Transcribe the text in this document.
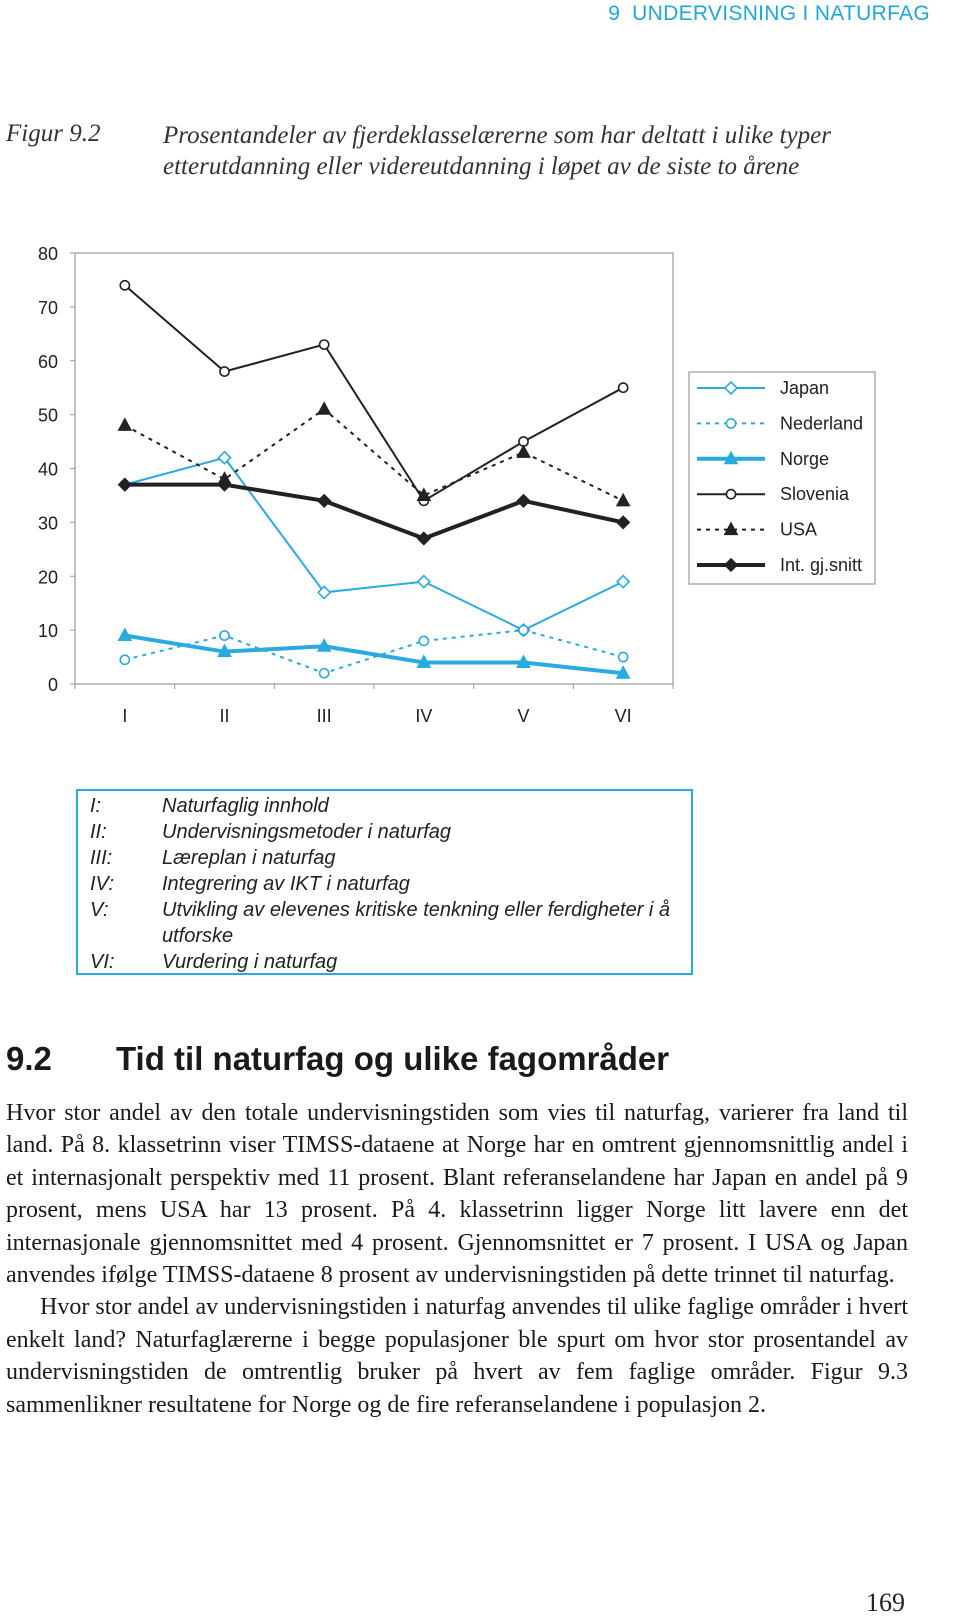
9 UNDERVISNING I NATURFAG
Figur 9.2	Prosentandeler av fjerdeklasselærerne som har deltatt i ulike typer etterutdanning eller videreutdanning i løpet av de siste to årene
0
10
20
30
40
50
60
70
80
I	II	III	IV	V	VI
Japan
Nederland
Norge
Slovenia
USA
Int. gj.snitt
I:	Naturfaglig innhold
II:	Undervisningsmetoder i naturfag
III:	Læreplan i naturfag
IV:	Integrering av IKT i naturfag
V:	Utvikling av elevenes kritiske tenkning eller ferdigheter i å utforske
VI:	Vurdering i naturfag
9.2 Tid til naturfag og ulike fagområder

Hvor stor andel av den totale undervisningstiden som vies til naturfag, varierer fra land til land. På 8. klassetrinn viser TIMSS-dataene at Norge har en omtrent gjennomsnittlig andel i et internasjonalt perspektiv med 11 prosent. Blant referanselandene har Japan en andel på 9 prosent, mens USA har 13 prosent. På 4. klassetrinn ligger Norge litt lavere enn det internasjonale gjennomsnittet med 4 prosent. Gjennomsnittet er 7 prosent. I USA og Japan anvendes ifølge TIMSS-dataene 8 prosent av undervisningstiden på dette trinnet til naturfag.

Hvor stor andel av undervisningstiden i naturfag anvendes til ulike faglige områder i hvert enkelt land? Naturfaglærerne i begge populasjoner ble spurt om hvor stor prosentandel av undervisningstiden de omtrentlig bruker på hvert av fem faglige områder. Figur 9.3 sammenlikner resultatene for Norge og de fire referanselandene i populasjon 2.

169
